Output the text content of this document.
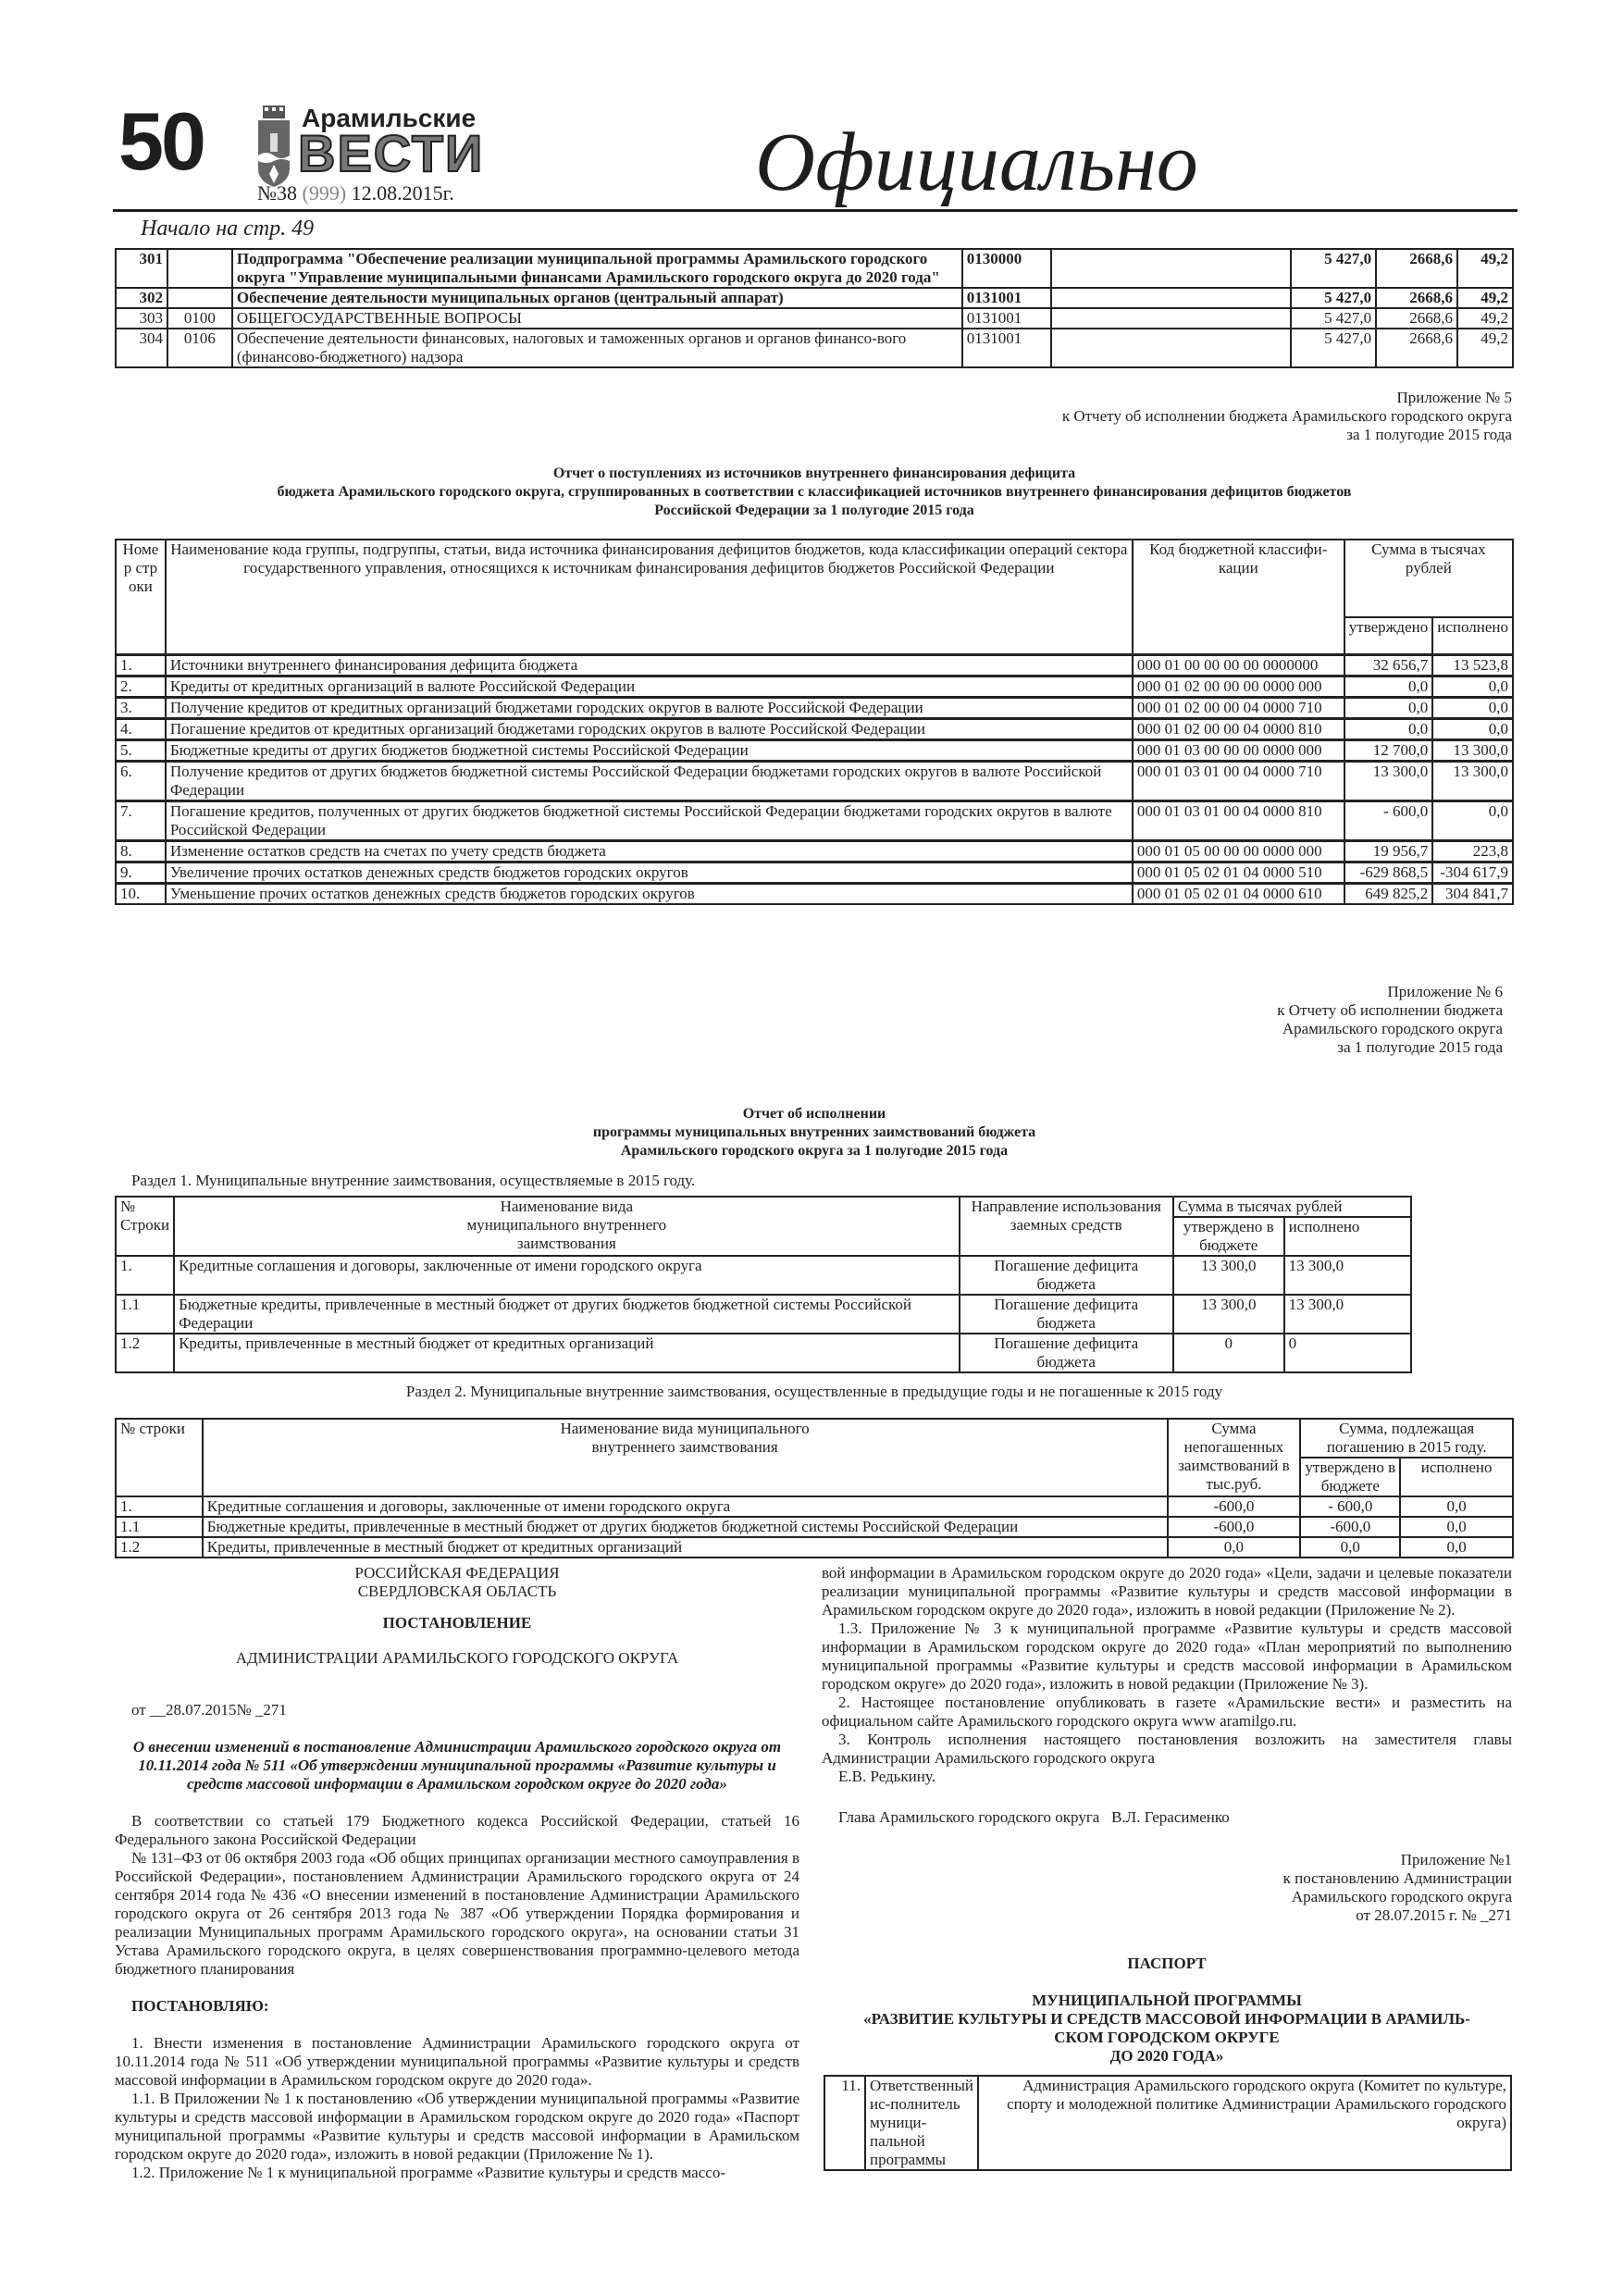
50	Арамильские
ВЕСТИ
№38 (999) 12.08.2015г.	Официально
Начало на стр. 49
301		Подпрограмма "Обеспечение реализации муниципальной программы Арамильского городского округа "Управление муниципальными финансами Арамильского городского округа до 2020 года"	0130000		5 427,0	2668,6	49,2
302		Обеспечение деятельности муниципальных органов (центральный аппарат)	0131001		5 427,0	2668,6	49,2
303	0100	ОБЩЕГОСУДАРСТВЕННЫЕ ВОПРОСЫ	0131001		5 427,0	2668,6	49,2
304	0106	Обеспечение деятельности финансовых, налоговых и таможенных органов и органов финансо-вого (финансово-бюджетного) надзора	0131001		5 427,0	2668,6	49,2
Приложение № 5
к Отчету об исполнении бюджета Арамильского городского округа
за 1 полугодие 2015 года
Отчет о поступлениях из источников внутреннего финансирования дефицита
бюджета Арамильского городского округа, сгруппированных в соответствии с классификацией источников внутреннего финансирования дефицитов бюджетов
Российской Федерации за 1 полугодие 2015 года
Номер строки	Наименование кода группы, подгруппы, статьи, вида источника финансирования дефицитов бюджетов, кода классификации операций сектора государственного управления, относящихся к источникам финансирования дефицитов бюджетов Российской Федерации	Код бюджетной классифи-кации	Сумма в тысячах рублей	
			утверждено	исполнено
1.	Источники внутреннего финансирования дефицита бюджета	000 01 00 00 00 00 0000000	32 656,7	13 523,8
2.	Кредиты от кредитных организаций в валюте Российской Федерации	000 01 02 00 00 00 0000 000	0,0	0,0
3.	Получение кредитов от кредитных организаций бюджетами городских округов в валюте Российской Федерации	000 01 02 00 00 04 0000 710	0,0	0,0
4.	Погашение кредитов от кредитных организаций бюджетами городских округов в валюте Российской Федерации	000 01 02 00 00 04 0000 810	0,0	0,0
5.	Бюджетные кредиты от других бюджетов бюджетной системы Российской Федерации	000 01 03 00 00 00 0000 000	12 700,0	13 300,0
6.	Получение кредитов от других бюджетов бюджетной системы Российской Федерации бюджетами городских округов в валюте Российской Федерации	000 01 03 01 00 04 0000 710	13 300,0	13 300,0
7.	Погашение кредитов, полученных от других бюджетов бюджетной системы Российской Федерации бюджетами городских округов в валюте Российской Федерации	000 01 03 01 00 04 0000 810	- 600,0	0,0
8.	Изменение остатков средств на счетах по учету средств бюджета	000 01 05 00 00 00 0000 000	19 956,7	223,8
9.	Увеличение прочих остатков денежных средств бюджетов городских округов	000 01 05 02 01 04 0000 510	-629 868,5	-304 617,9
10.	Уменьшение прочих остатков денежных средств бюджетов городских округов	000 01 05 02 01 04 0000 610	649 825,2	304 841,7
Приложение № 6
к Отчету об исполнении бюджета
Арамильского городского округа
за 1 полугодие 2015 года
Отчет об исполнении
программы муниципальных внутренних заимствований бюджета
Арамильского городского округа за 1 полугодие 2015 года
Раздел 1. Муниципальные внутренние заимствования, осуществляемые в 2015 году.
№ Строки	Наименование вида муниципального внутреннего заимствования	Направление использования заемных средств	Сумма в тысячах рублей	
			утверждено в бюджете	исполнено
1.	Кредитные соглашения и договоры, заключенные от имени городского округа	Погашение дефицита бюджета	13 300,0	13 300,0
1.1	Бюджетные кредиты, привлеченные в местный бюджет от других бюджетов бюджетной системы Российской Федерации	Погашение дефицита бюджета	13 300,0	13 300,0
1.2	Кредиты, привлеченные в местный бюджет от кредитных организаций	Погашение дефицита бюджета	0	0
Раздел 2. Муниципальные внутренние заимствования, осуществленные в предыдущие годы и не погашенные к 2015 году
№ строки	Наименование вида муниципального внутреннего заимствования	Сумма непогашенных заимствований в тыс.руб.	Сумма, подлежащая погашению в 2015 году.	
			утверждено в бюджете	исполнено
1.	Кредитные соглашения и договоры, заключенные от имени городского округа	-600,0	- 600,0	0,0
1.1	Бюджетные кредиты, привлеченные в местный бюджет от других бюджетов бюджетной системы Российской Федерации	-600,0	-600,0	0,0
1.2	Кредиты, привлеченные в местный бюджет от кредитных организаций	0,0	0,0	0,0
РОССИЙСКАЯ ФЕДЕРАЦИЯ
СВЕРДЛОВСКАЯ ОБЛАСТЬ
ПОСТАНОВЛЕНИЕ
АДМИНИСТРАЦИИ АРАМИЛЬСКОГО ГОРОДСКОГО ОКРУГА
от __28.07.2015№ _271
О внесении изменений в постановление Администрации Арамильского городского округа от 10.11.2014 года № 511 «Об утверждении муниципальной программы «Развитие культуры и средств массовой информации в Арамильском городском округе до 2020 года»

В соответствии со статьей 179 Бюджетного кодекса Российской Федерации, статьей 16 Федерального закона Российской Федерации

№ 131–ФЗ от 06 октября 2003 года «Об общих принципах организации местного самоуправления в Российской Федерации», постановлением Администрации Арамильского городского округа от 24 сентября 2014 года № 436 «О внесении изменений в постановление Администрации Арамильского городского округа от 26 сентября 2013 года № 387 «Об утверждении Порядка формирования и реализации Муниципальных программ Арамильского городского округа», на основании статьи 31 Устава Арамильского городского округа, в целях совершенствования программно-целевого метода бюджетного планирования

ПОСТАНОВЛЯЮ:

1. Внести изменения в постановление Администрации Арамильского городского округа от 10.11.2014 года № 511 «Об утверждении муниципальной программы «Развитие культуры и средств массовой информации в Арамильском городском округе до 2020 года».

1.1. В Приложении № 1 к постановлению «Об утверждении муниципальной программы «Развитие культуры и средств массовой информации в Арамильском городском округе до 2020 года» «Паспорт муниципальной программы «Развитие культуры и средств массовой информации в Арамильском городском округе до 2020 года», изложить в новой редакции (Приложение № 1).

1.2. Приложение № 1 к муниципальной программе «Развитие культуры и средств массо-

вой информации в Арамильском городском округе до 2020 года» «Цели, задачи и целевые показатели реализации муниципальной программы «Развитие культуры и средств массовой информации в Арамильском городском округе до 2020 года», изложить в новой редакции (Приложение № 2).

1.3. Приложение № 3 к муниципальной программе «Развитие культуры и средств массовой информации в Арамильском городском округе до 2020 года» «План мероприятий по выполнению муниципальной программы «Развитие культуры и средств массовой информации в Арамильском городском округе» до 2020 года», изложить в новой редакции (Приложение № 3).

2. Настоящее постановление опубликовать в газете «Арамильские вести» и разместить на официальном сайте Арамильского городского округа www aramilgo.ru.

3. Контроль исполнения настоящего постановления возложить на заместителя главы Администрации Арамильского городского округа

Е.В. Редькину.

Глава Арамильского городского округа   В.Л. Герасименко

Приложение №1
к постановлению Администрации
Арамильского городского округа
от 28.07.2015 г. № _271
ПАСПОРТ
МУНИЦИПАЛЬНОЙ ПРОГРАММЫ
«РАЗВИТИЕ КУЛЬТУРЫ И СРЕДСТВ МАССОВОЙ ИНФОРМАЦИИ В АРАМИЛЬ-
СКОМ ГОРОДСКОМ ОКРУГЕ
ДО 2020 ГОДА»
11.	Ответственный ис-полнитель муници-пальной программы	Администрация Арамильского городского округа (Комитет по культуре, спорту и молодежной политике Администрации Арамильского городского округа)
